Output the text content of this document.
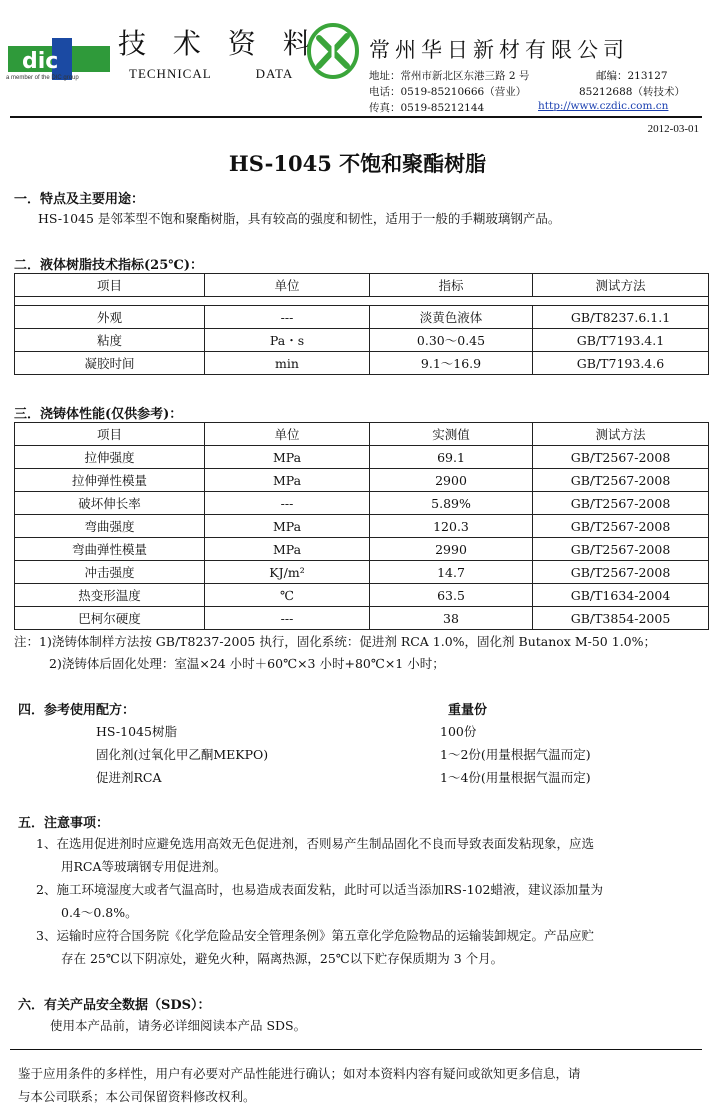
dic
a member of the DIC group
技 术 资 料
TECHNICAL	DATA
常州华日新材有限公司
地址：常州市新北区东港三路 2 号	邮编：213127
电话：0519-85210666（营业）	85212688（转技术）
传真：0519-85212144	http://www.czdic.com.cn
2012-03-01
HS-1045 不饱和聚酯树脂
一．特点及主要用途：
HS-1045 是邻苯型不饱和聚酯树脂，具有较高的强度和韧性，适用于一般的手糊玻璃钢产品。
二．液体树脂技术指标(25℃)：
项目	单位	指标	测试方法

外观	---	淡黄色液体	GB/T8237.6.1.1
粘度	Pa・s	0.30～0.45	GB/T7193.4.1
凝胶时间	min	9.1～16.9	GB/T7193.4.6
三．浇铸体性能(仅供参考)：
项目	单位	实测值	测试方法
拉伸强度	MPa	69.1	GB/T2567-2008
拉伸弹性模量	MPa	2900	GB/T2567-2008
破坏伸长率	---	5.89%	GB/T2567-2008
弯曲强度	MPa	120.3	GB/T2567-2008
弯曲弹性模量	MPa	2990	GB/T2567-2008
冲击强度	KJ/m²	14.7	GB/T2567-2008
热变形温度	℃	63.5	GB/T1634-2004
巴柯尔硬度	---	38	GB/T3854-2005
注：1)浇铸体制样方法按 GB/T8237-2005 执行，固化系统：促进剂 RCA 1.0%，固化剂 Butanox M-50 1.0%；
2)浇铸体后固化处理：室温×24 小时＋60℃×3 小时+80℃×1 小时；
四．参考使用配方：	重量份
HS-1045树脂	100份
固化剂(过氧化甲乙酮MEKPO)	1～2份(用量根据气温而定)
促进剂RCA	1～4份(用量根据气温而定)
五．注意事项：
1、在选用促进剂时应避免选用高效无色促进剂，否则易产生制品固化不良而导致表面发粘现象，应选
用RCA等玻璃钢专用促进剂。
2、施工环境湿度大或者气温高时，也易造成表面发粘，此时可以适当添加RS-102蜡液，建议添加量为
0.4～0.8%。
3、运输时应符合国务院《化学危险品安全管理条例》第五章化学危险物品的运输装卸规定。产品应贮
存在 25℃以下阴凉处，避免火种，隔离热源，25℃以下贮存保质期为 3 个月。
六．有关产品安全数据（SDS）：
使用本产品前，请务必详细阅读本产品 SDS。
鉴于应用条件的多样性，用户有必要对产品性能进行确认；如对本资料内容有疑问或欲知更多信息，请
与本公司联系；本公司保留资料修改权利。
